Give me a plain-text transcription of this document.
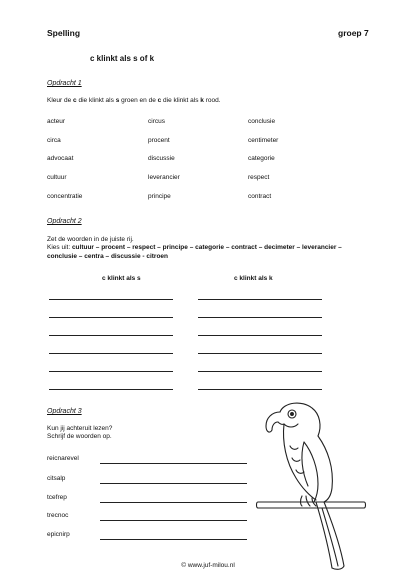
Spelling	groep 7
c klinkt als s of k
Opdracht 1
Kleur de c die klinkt als s groen en de c die klinkt als k rood.
acteur	circus	conclusie
circa	procent	centimeter
advocaat	discussie	categorie
cultuur	leverancier	respect
concentratie	principe	contract
Opdracht 2
Zet de woorden in de juiste rij.
Kies uit: cultuur – procent – respect – principe – categorie – contract – decimeter – leverancier –
conclusie – centra – discussie - citroen
c klinkt als s	c klinkt als k
Opdracht 3
Kun jij achteruit lezen?
Schrijf de woorden op.
reicnarevel
citsalp
tcefrep
trecnoc
epicnirp
© www.juf-milou.nl
